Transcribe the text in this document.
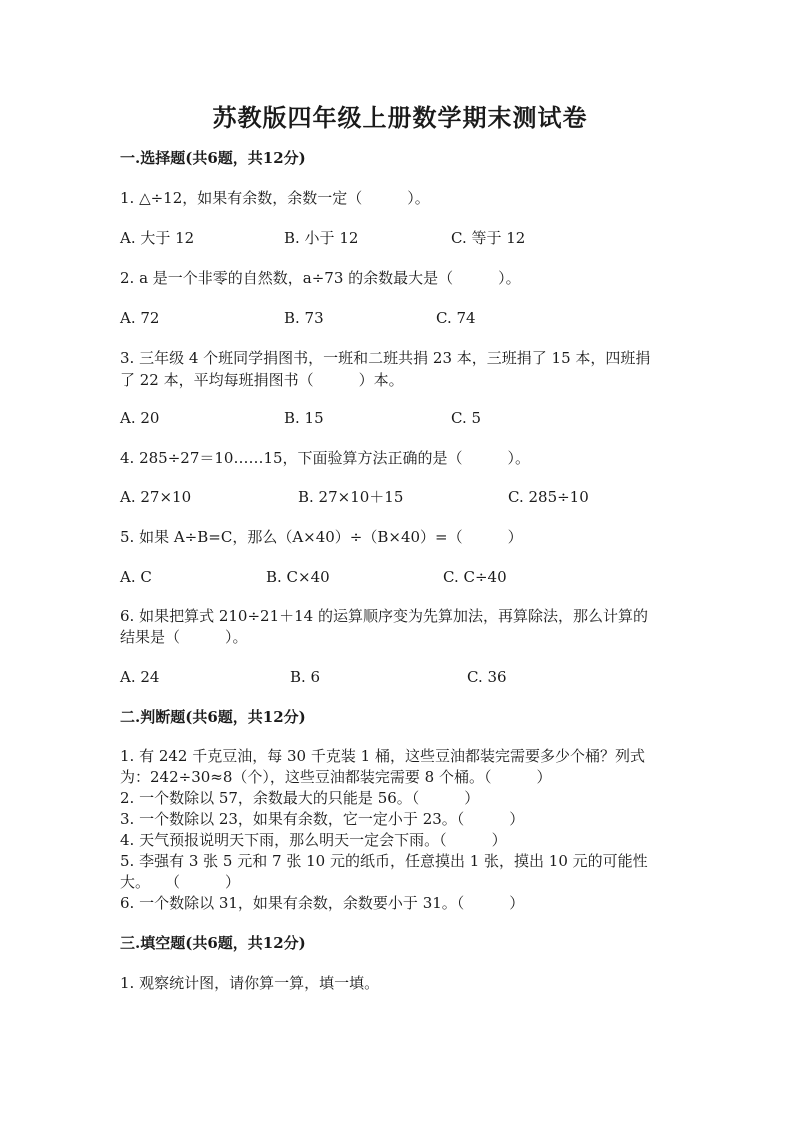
苏教版四年级上册数学期末测试卷
一.选择题(共6题，共12分)
1. △÷12，如果有余数，余数一定（　　　）。
A. 大于 12	B. 小于 12	C. 等于 12
2. a 是一个非零的自然数，a÷73 的余数最大是（　　　）。
A. 72	B. 73	C. 74
3. 三年级 4 个班同学捐图书，一班和二班共捐 23 本，三班捐了 15 本，四班捐
了 22 本，平均每班捐图书（　　　）本。
A. 20	B. 15	C. 5
4. 285÷27＝10……15，下面验算方法正确的是（　　　）。
A. 27×10	B. 27×10＋15	C. 285÷10
5. 如果 A÷B=C，那么（A×40）÷（B×40）=（　　　）
A. C	B. C×40	C. C÷40
6. 如果把算式 210÷21＋14 的运算顺序变为先算加法，再算除法，那么计算的
结果是（　　　）。
A. 24	B. 6	C. 36
二.判断题(共6题，共12分)
1. 有 242 千克豆油，每 30 千克装 1 桶，这些豆油都装完需要多少个桶？列式
为：242÷30≈8（个），这些豆油都装完需要 8 个桶。（　　　）
2. 一个数除以 57，余数最大的只能是 56。（　　　）
3. 一个数除以 23，如果有余数，它一定小于 23。（　　　）
4. 天气预报说明天下雨，那么明天一定会下雨。（　　　）
5. 李强有 3 张 5 元和 7 张 10 元的纸币，任意摸出 1 张，摸出 10 元的可能性
大。　　（　　　）
6. 一个数除以 31，如果有余数，余数要小于 31。（　　　）
三.填空题(共6题，共12分)
1. 观察统计图，请你算一算，填一填。
